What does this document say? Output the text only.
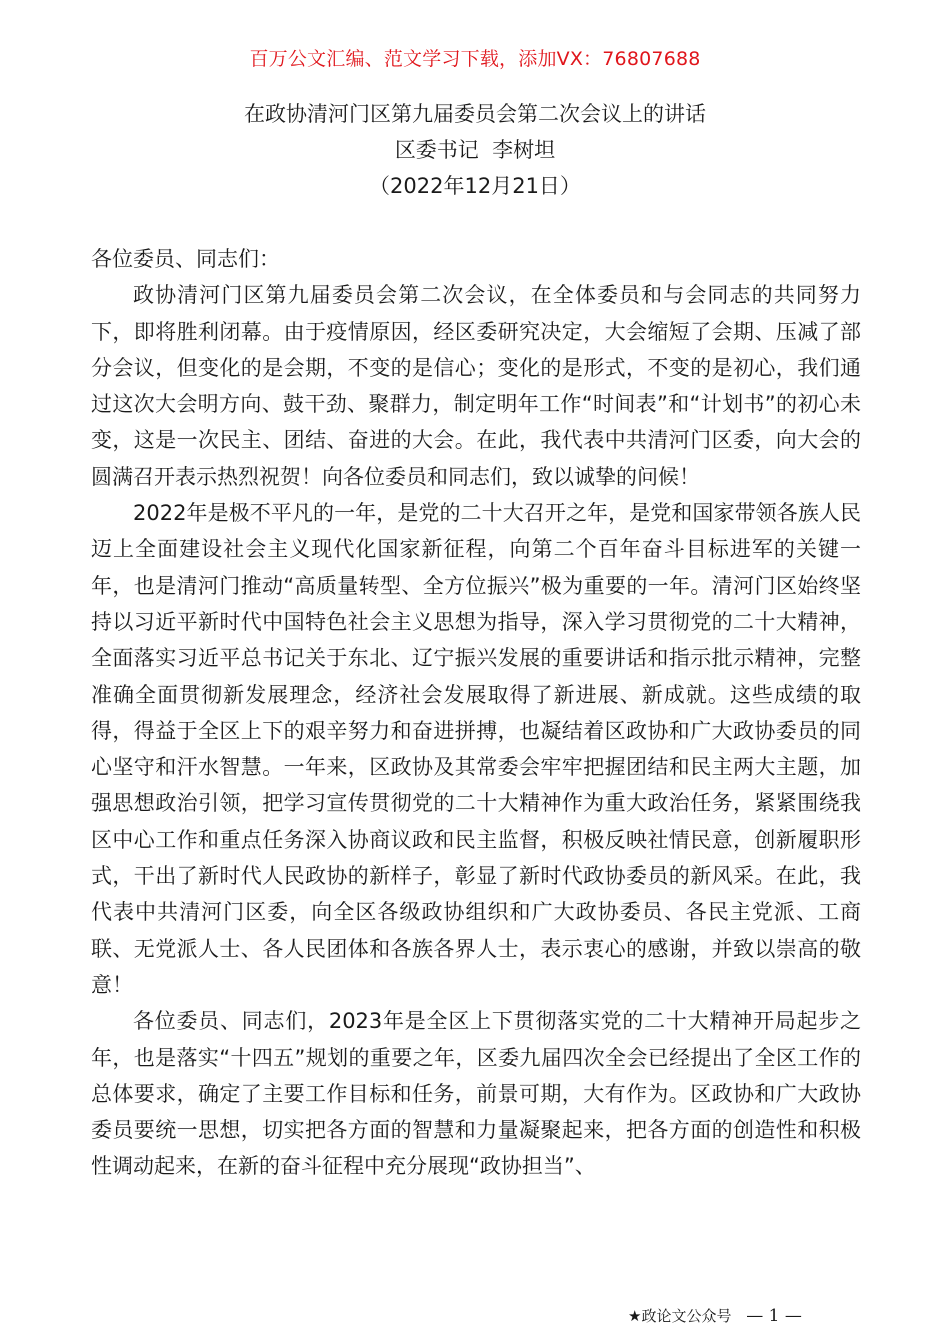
百万公文汇编、范文学习下载，添加VX：76807688
在政协清河门区第九届委员会第二次会议上的讲话
区委书记  李树坦
（2022年12月21日）

各位委员、同志们：

政协清河门区第九届委员会第二次会议，在全体委员和与会同志的共同努力下，即将胜利闭幕。由于疫情原因，经区委研究决定，大会缩短了会期、压减了部分会议，但变化的是会期，不变的是信心；变化的是形式，不变的是初心，我们通过这次大会明方向、鼓干劲、聚群力，制定明年工作“时间表”和“计划书”的初心未变，这是一次民主、团结、奋进的大会。在此，我代表中共清河门区委，向大会的圆满召开表示热烈祝贺！向各位委员和同志们，致以诚挚的问候！

2022年是极不平凡的一年，是党的二十大召开之年，是党和国家带领各族人民迈上全面建设社会主义现代化国家新征程，向第二个百年奋斗目标进军的关键一年，也是清河门推动“高质量转型、全方位振兴”极为重要的一年。清河门区始终坚持以习近平新时代中国特色社会主义思想为指导，深入学习贯彻党的二十大精神，全面落实习近平总书记关于东北、辽宁振兴发展的重要讲话和指示批示精神，完整准确全面贯彻新发展理念，经济社会发展取得了新进展、新成就。这些成绩的取得，得益于全区上下的艰辛努力和奋进拼搏，也凝结着区政协和广大政协委员的同心坚守和汗水智慧。一年来，区政协及其常委会牢牢把握团结和民主两大主题，加强思想政治引领，把学习宣传贯彻党的二十大精神作为重大政治任务，紧紧围绕我区中心工作和重点任务深入协商议政和民主监督，积极反映社情民意，创新履职形式，干出了新时代人民政协的新样子，彰显了新时代政协委员的新风采。在此，我代表中共清河门区委，向全区各级政协组织和广大政协委员、各民主党派、工商联、无党派人士、各人民团体和各族各界人士，表示衷心的感谢，并致以崇高的敬意！

各位委员、同志们，2023年是全区上下贯彻落实党的二十大精神开局起步之年，也是落实“十四五”规划的重要之年，区委九届四次全会已经提出了全区工作的总体要求，确定了主要工作目标和任务，前景可期，大有作为。区政协和广大政协委员要统一思想，切实把各方面的智慧和力量凝聚起来，把各方面的创造性和积极性调动起来，在新的奋斗征程中充分展现“政协担当”、

★政论文公众号 — 1 —
